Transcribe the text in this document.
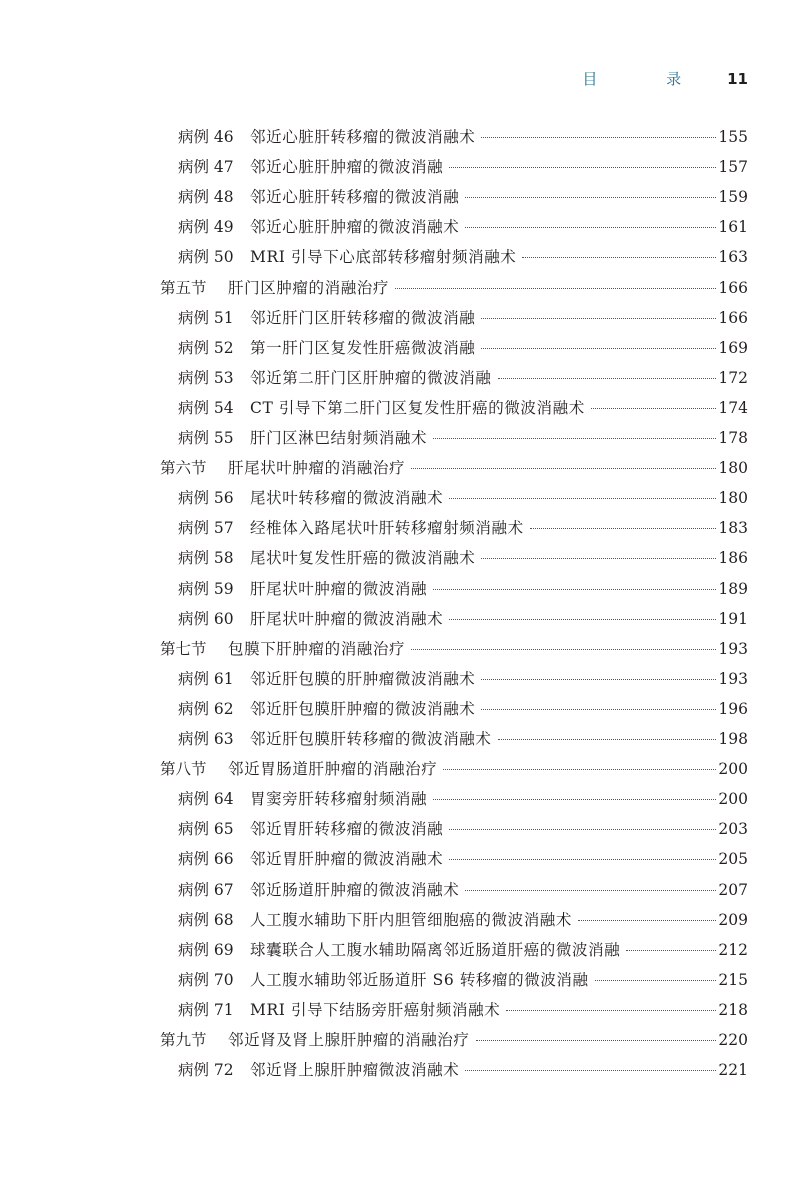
目 录 11
病例 46	邻近心脏肝转移瘤的微波消融术	155
病例 47	邻近心脏肝肿瘤的微波消融	157
病例 48	邻近心脏肝转移瘤的微波消融	159
病例 49	邻近心脏肝肿瘤的微波消融术	161
病例 50	MRI 引导下心底部转移瘤射频消融术	163
第五节	肝门区肿瘤的消融治疗	166
病例 51	邻近肝门区肝转移瘤的微波消融	166
病例 52	第一肝门区复发性肝癌微波消融	169
病例 53	邻近第二肝门区肝肿瘤的微波消融	172
病例 54	CT 引导下第二肝门区复发性肝癌的微波消融术	174
病例 55	肝门区淋巴结射频消融术	178
第六节	肝尾状叶肿瘤的消融治疗	180
病例 56	尾状叶转移瘤的微波消融术	180
病例 57	经椎体入路尾状叶肝转移瘤射频消融术	183
病例 58	尾状叶复发性肝癌的微波消融术	186
病例 59	肝尾状叶肿瘤的微波消融	189
病例 60	肝尾状叶肿瘤的微波消融术	191
第七节	包膜下肝肿瘤的消融治疗	193
病例 61	邻近肝包膜的肝肿瘤微波消融术	193
病例 62	邻近肝包膜肝肿瘤的微波消融术	196
病例 63	邻近肝包膜肝转移瘤的微波消融术	198
第八节	邻近胃肠道肝肿瘤的消融治疗	200
病例 64	胃窦旁肝转移瘤射频消融	200
病例 65	邻近胃肝转移瘤的微波消融	203
病例 66	邻近胃肝肿瘤的微波消融术	205
病例 67	邻近肠道肝肿瘤的微波消融术	207
病例 68	人工腹水辅助下肝内胆管细胞癌的微波消融术	209
病例 69	球囊联合人工腹水辅助隔离邻近肠道肝癌的微波消融	212
病例 70	人工腹水辅助邻近肠道肝 S6 转移瘤的微波消融	215
病例 71	MRI 引导下结肠旁肝癌射频消融术	218
第九节	邻近肾及肾上腺肝肿瘤的消融治疗	220
病例 72	邻近肾上腺肝肿瘤微波消融术	221
